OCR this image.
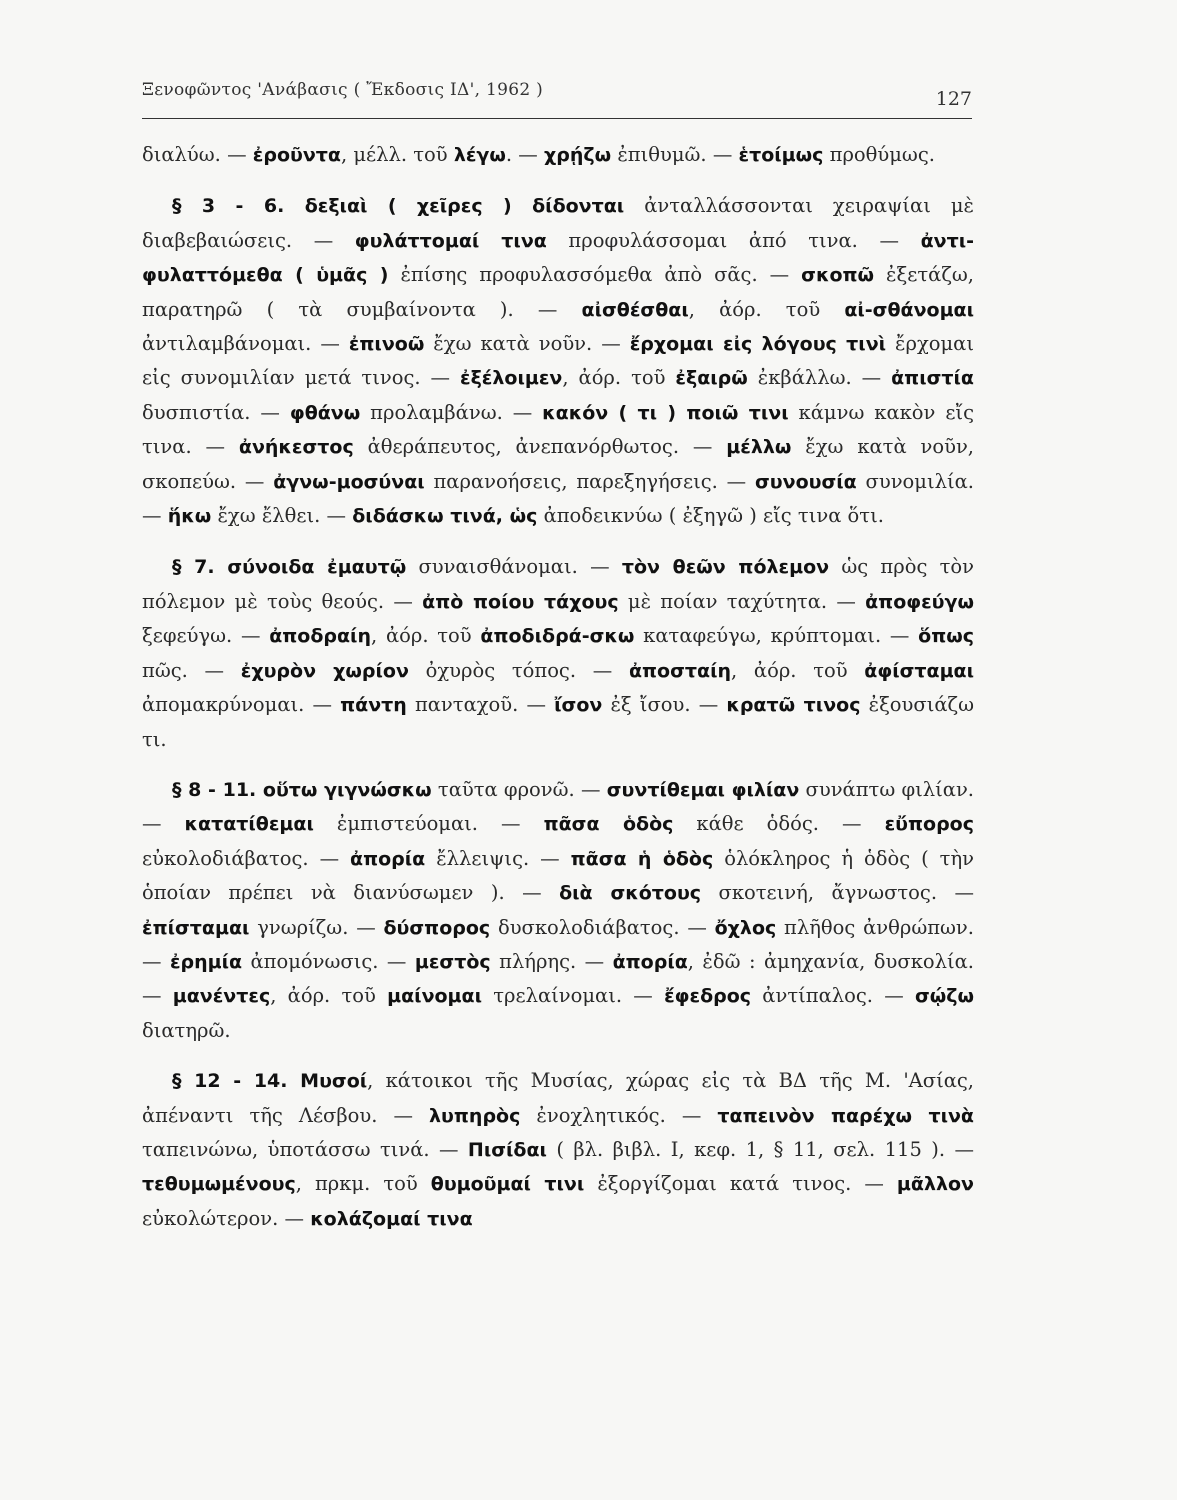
Ξενοφῶντος 'Ανάβασις ( Ἔκδοσις ΙΔ', 1962 )	127

διαλύω. — ἐροῦντα, μέλλ. τοῦ λέγω. — χρῄζω ἐπιθυμῶ. — ἑτοίμως προθύμως.

§ 3 - 6. δεξιαὶ ( χεῖρες ) δίδονται ἀνταλλάσσονται χειραψίαι μὲ διαβεβαιώσεις. — φυλάττομαί τινα προφυλάσσομαι ἀπό τινα. — ἀντι-φυλαττόμεθα ( ὑμᾶς ) ἐπίσης προφυλασσόμεθα ἀπὸ σᾶς. — σκοπῶ ἐξετάζω, παρατηρῶ ( τὰ συμβαίνοντα ). — αἰσθέσθαι, ἀόρ. τοῦ αἰ-σθάνομαι ἀντιλαμβάνομαι. — ἐπινοῶ ἔχω κατὰ νοῦν. — ἔρχομαι εἰς λόγους τινὶ ἔρχομαι εἰς συνομιλίαν μετά τινος. — ἐξέλοιμεν, ἀόρ. τοῦ ἐξαιρῶ ἐκβάλλω. — ἀπιστία δυσπιστία. — φθάνω προλαμβάνω. — κακόν ( τι ) ποιῶ τινι κάμνω κακὸν εἴς τινα. — ἀνήκεστος ἀθεράπευτος, ἀνεπανόρθωτος. — μέλλω ἔχω κατὰ νοῦν, σκοπεύω. — ἀγνω-μοσύναι παρανοήσεις, παρεξηγήσεις. — συνουσία συνομιλία. — ἥκω ἔχω ἔλθει. — διδάσκω τινά, ὡς ἀποδεικνύω ( ἐξηγῶ ) εἴς τινα ὅτι.

§ 7. σύνοιδα ἐμαυτῷ συναισθάνομαι. — τὸν θεῶν πόλεμον ὡς πρὸς τὸν πόλεμον μὲ τοὺς θεούς. — ἀπὸ ποίου τάχους μὲ ποίαν ταχύτητα. — ἀποφεύγω ξεφεύγω. — ἀποδραίη, ἀόρ. τοῦ ἀποδιδρά-σκω καταφεύγω, κρύπτομαι. — ὅπως πῶς. — ἐχυρὸν χωρίον ὀχυρὸς τόπος. — ἀποσταίη, ἀόρ. τοῦ ἀφίσταμαι ἀπομακρύνομαι. — πάντη πανταχοῦ. — ἴσον ἐξ ἴσου. — κρατῶ τινος ἐξουσιάζω τι.

§ 8 - 11. οὕτω γιγνώσκω ταῦτα φρονῶ. — συντίθεμαι φιλίαν συνάπτω φιλίαν. — κατατίθεμαι ἐμπιστεύομαι. — πᾶσα ὁδὸς κάθε ὁδός. — εὔπορος εὐκολοδιάβατος. — ἀπορία ἔλλειψις. — πᾶσα ἡ ὁδὸς ὁλόκληρος ἡ ὁδὸς ( τὴν ὁποίαν πρέπει νὰ διανύσωμεν ). — διὰ σκότους σκοτεινή, ἄγνωστος. — ἐπίσταμαι γνωρίζω. — δύσπορος δυσκολοδιάβατος. — ὄχλος πλῆθος ἀνθρώπων. — ἐρημία ἀπομόνωσις. — μεστὸς πλήρης. — ἀπορία, ἐδῶ : ἀμηχανία, δυσκολία. — μανέντες, ἀόρ. τοῦ μαίνομαι τρελαίνομαι. — ἔφεδρος ἀντίπαλος. — σῴζω διατηρῶ.

§ 12 - 14. Μυσοί, κάτοικοι τῆς Μυσίας, χώρας εἰς τὰ ΒΔ τῆς Μ. 'Ασίας, ἀπέναντι τῆς Λέσβου. — λυπηρὸς ἐνοχλητικός. — ταπεινὸν παρέχω τινὰ ταπεινώνω, ὑποτάσσω τινά. — Πισίδαι ( βλ. βιβλ. Ι, κεφ. 1, § 11, σελ. 115 ). — τεθυμωμένους, πρκμ. τοῦ θυμοῦμαί τινι ἐξοργίζομαι κατά τινος. — μᾶλλον εὐκολώτερον. — κολάζομαί τινα
